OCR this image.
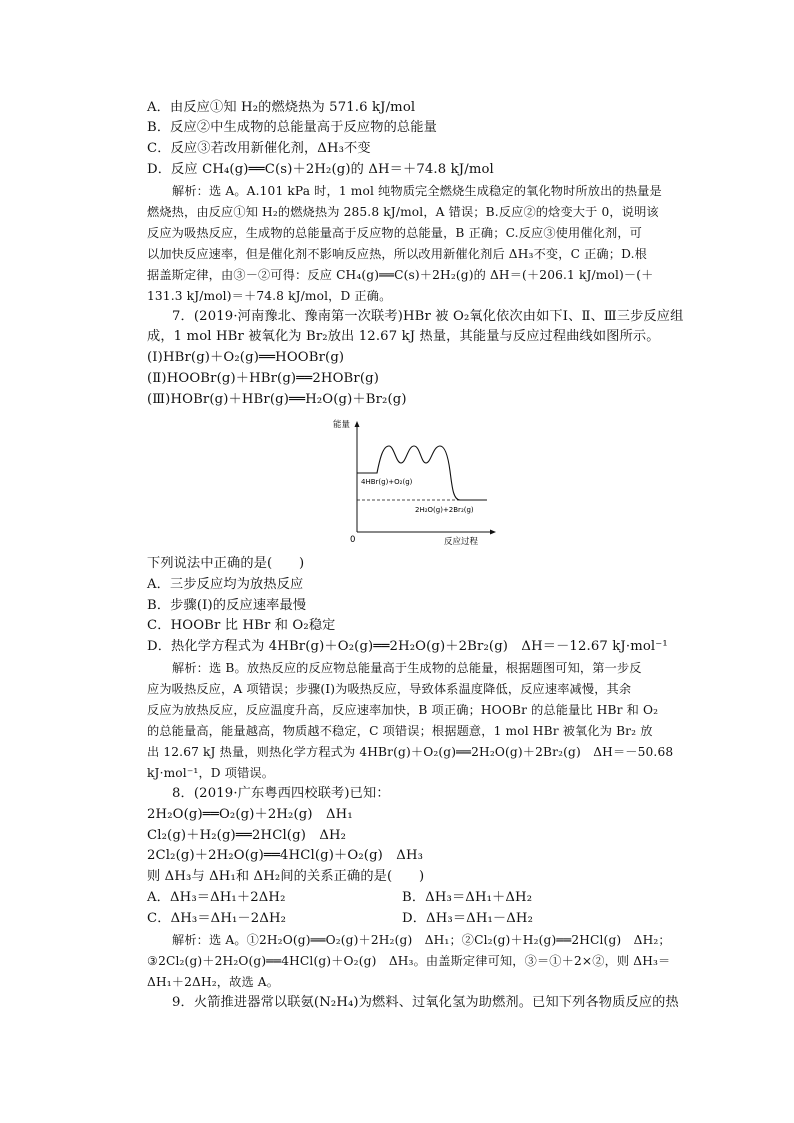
A．由反应①知 H₂的燃烧热为 571.6 kJ/mol
B．反应②中生成物的总能量高于反应物的总能量
C．反应③若改用新催化剂，ΔH₃不变
D．反应 CH₄(g)══C(s)＋2H₂(g)的 ΔH＝＋74.8 kJ/mol
解析：选 A。A.101 kPa 时，1 mol 纯物质完全燃烧生成稳定的氧化物时所放出的热量是
燃烧热，由反应①知 H₂的燃烧热为 285.8 kJ/mol，A 错误；B.反应②的焓变大于 0，说明该
反应为吸热反应，生成物的总能量高于反应物的总能量，B 正确；C.反应③使用催化剂，可
以加快反应速率，但是催化剂不影响反应热，所以改用新催化剂后 ΔH₃不变，C 正确；D.根
据盖斯定律，由③－②可得：反应 CH₄(g)══C(s)＋2H₂(g)的 ΔH＝(＋206.1 kJ/mol)－(＋
131.3 kJ/mol)＝＋74.8 kJ/mol，D 正确。
7．(2019·河南豫北、豫南第一次联考)HBr 被 O₂氧化依次由如下Ⅰ、Ⅱ、Ⅲ三步反应组
成，1 mol HBr 被氧化为 Br₂放出 12.67 kJ 热量，其能量与反应过程曲线如图所示。
(Ⅰ)HBr(g)＋O₂(g)══HOOBr(g)
(Ⅱ)HOOBr(g)＋HBr(g)══2HOBr(g)
(Ⅲ)HOBr(g)＋HBr(g)══H₂O(g)＋Br₂(g)
能量
0	反应过程
4HBr(g)+O₂(g)
2H₂O(g)+2Br₂(g)
下列说法中正确的是(　　)
A．三步反应均为放热反应
B．步骤(Ⅰ)的反应速率最慢
C．HOOBr 比 HBr 和 O₂稳定
D．热化学方程式为 4HBr(g)＋O₂(g)══2H₂O(g)＋2Br₂(g)　ΔH＝－12.67 kJ·mol⁻¹
解析：选 B。放热反应的反应物总能量高于生成物的总能量，根据题图可知，第一步反
应为吸热反应，A 项错误；步骤(Ⅰ)为吸热反应，导致体系温度降低，反应速率减慢，其余
反应为放热反应，反应温度升高，反应速率加快，B 项正确；HOOBr 的总能量比 HBr 和 O₂
的总能量高，能量越高，物质越不稳定，C 项错误；根据题意，1 mol HBr 被氧化为 Br₂ 放
出 12.67 kJ 热量，则热化学方程式为 4HBr(g)＋O₂(g)══2H₂O(g)＋2Br₂(g)　ΔH＝－50.68
kJ·mol⁻¹，D 项错误。
8．(2019·广东粤西四校联考)已知：
2H₂O(g)══O₂(g)＋2H₂(g)　ΔH₁
Cl₂(g)＋H₂(g)══2HCl(g)　ΔH₂
2Cl₂(g)＋2H₂O(g)══4HCl(g)＋O₂(g)　ΔH₃
则 ΔH₃与 ΔH₁和 ΔH₂间的关系正确的是(　　)
A．ΔH₃＝ΔH₁＋2ΔH₂	B．ΔH₃＝ΔH₁＋ΔH₂
C．ΔH₃＝ΔH₁－2ΔH₂	D．ΔH₃＝ΔH₁－ΔH₂
解析：选 A。①2H₂O(g)══O₂(g)＋2H₂(g)　ΔH₁；②Cl₂(g)＋H₂(g)══2HCl(g)　ΔH₂；
③2Cl₂(g)＋2H₂O(g)══4HCl(g)＋O₂(g)　ΔH₃。由盖斯定律可知，③＝①＋2×②，则 ΔH₃＝
ΔH₁＋2ΔH₂，故选 A。
9．火箭推进器常以联氨(N₂H₄)为燃料、过氧化氢为助燃剂。已知下列各物质反应的热
